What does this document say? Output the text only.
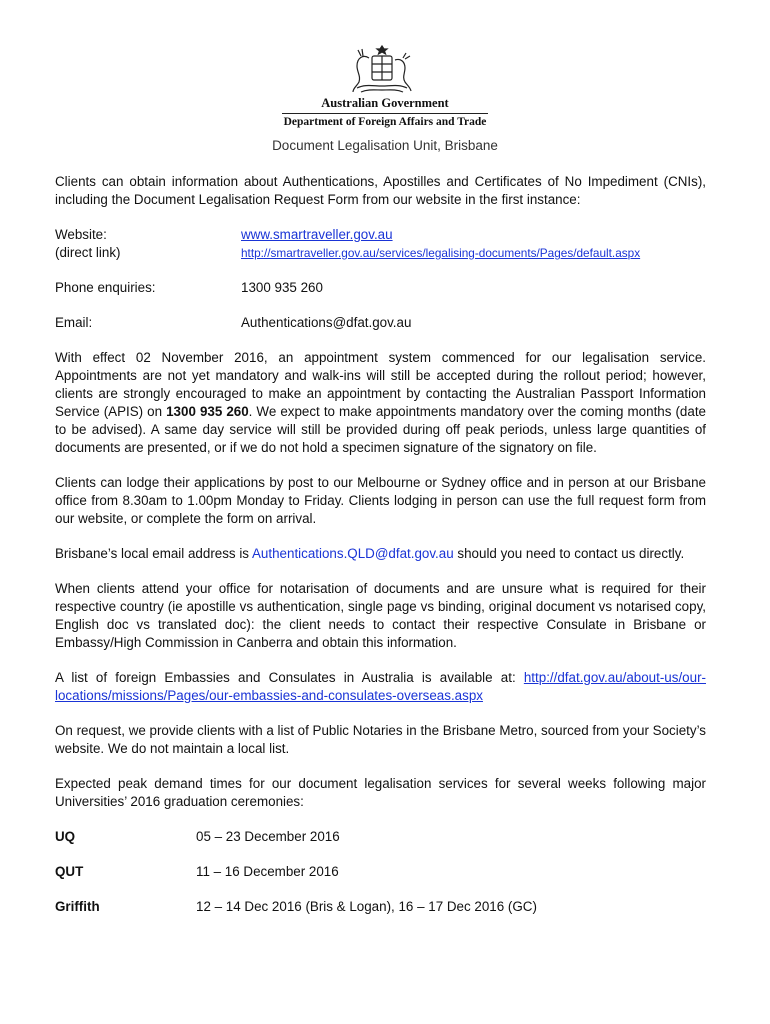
Australian Government
Department of Foreign Affairs and Trade
Document Legalisation Unit, Brisbane

Clients can obtain information about Authentications, Apostilles and Certificates of No Impediment (CNIs), including the Document Legalisation Request Form from our website in the first instance:

Website:	www.smartraveller.gov.au
(direct link)	http://smartraveller.gov.au/services/legalising-documents/Pages/default.aspx
Phone enquiries:	1300 935 260
Email:	Authentications@dfat.gov.au

With effect 02 November 2016, an appointment system commenced for our legalisation service. Appointments are not yet mandatory and walk-ins will still be accepted during the rollout period; however, clients are strongly encouraged to make an appointment by contacting the Australian Passport Information Service (APIS) on 1300 935 260. We expect to make appointments mandatory over the coming months (date to be advised). A same day service will still be provided during off peak periods, unless large quantities of documents are presented, or if we do not hold a specimen signature of the signatory on file.

Clients can lodge their applications by post to our Melbourne or Sydney office and in person at our Brisbane office from 8.30am to 1.00pm Monday to Friday. Clients lodging in person can use the full request form from our website, or complete the form on arrival.

Brisbane’s local email address is Authentications.QLD@dfat.gov.au should you need to contact us directly.

When clients attend your office for notarisation of documents and are unsure what is required for their respective country (ie apostille vs authentication, single page vs binding, original document vs notarised copy, English doc vs translated doc): the client needs to contact their respective Consulate in Brisbane or Embassy/High Commission in Canberra and obtain this information.

A list of foreign Embassies and Consulates in Australia is available at: http://dfat.gov.au/about-us/our-locations/missions/Pages/our-embassies-and-consulates-overseas.aspx

On request, we provide clients with a list of Public Notaries in the Brisbane Metro, sourced from your Society’s website. We do not maintain a local list.

Expected peak demand times for our document legalisation services for several weeks following major Universities’ 2016 graduation ceremonies:

UQ	05 – 23 December 2016
QUT	11 – 16 December 2016
Griffith	12 – 14 Dec 2016 (Bris & Logan), 16 – 17 Dec 2016 (GC)
